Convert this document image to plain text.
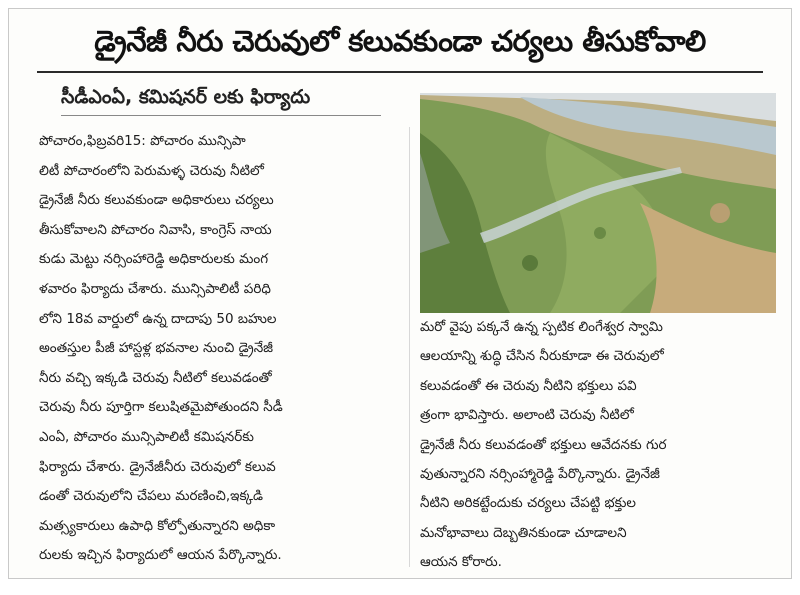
డ్రైనేజీ నీరు చెరువులో కలువకుండా చర్యలు తీసుకోవాలి
సీడీఎంఏ, కమిషనర్ లకు ఫిర్యాదు
పోచారం,ఫిబ్రవరి15: పోచారం మున్సిపా
లిటీ పోచారంలోని పెరుమళ్ళ చెరువు నీటిలో
డ్రైనేజీ నీరు కలువకుండా అధికారులు చర్యలు
తీసుకోవాలని పోచారం నివాసి, కాంగ్రెస్ నాయ
కుడు మెట్టు నర్సింహారెడ్డి అధికారులకు మంగ
ళవారం ఫిర్యాదు చేశారు. మున్సిపాలిటీ పరిధి
లోని 18వ వార్డులో ఉన్న దాదాపు 50 బహుల
అంతస్తుల పీజీ హాస్టళ్ల భవనాల నుంచి డ్రైనేజీ
నీరు వచ్చి ఇక్కడి చెరువు నీటిలో కలువడంతో
చెరువు నీరు పూర్తిగా కలుషితమైపోతుందని సీడీ
ఎంఏ, పోచారం మున్సిపాలిటీ కమిషనర్‌కు
ఫిర్యాదు చేశారు. డ్రైనేజీనీరు చెరువులో కలువ
డంతో చెరువులోని చేపలు మరణించి,ఇక్కడి
మత్స్యకారులు ఉపాధి కోల్పోతున్నారని అధికా
రులకు ఇచ్చిన ఫిర్యాదులో ఆయన పేర్కొన్నారు.
మరో వైపు పక్కనే ఉన్న స్పటిక లింగేశ్వర స్వామి
ఆలయాన్ని శుద్ధి చేసిన నీరుకూడా ఈ చెరువులో
కలువడంతో ఈ చెరువు నీటిని భక్తులు పవి
త్రంగా భావిస్తారు. అలాంటి చెరువు నీటిలో
డ్రైనేజీ నీరు కలువడంతో భక్తులు ఆవేదనకు గుర
వుతున్నారని నర్సింహ్మారెడ్డి పేర్కొన్నారు. డ్రైనేజీ
నీటిని అరికట్టేందుకు చర్యలు చేపట్టి భక్తుల
మనోభావాలు దెబ్బతినకుండా చూడాలని
ఆయన కోరారు.
